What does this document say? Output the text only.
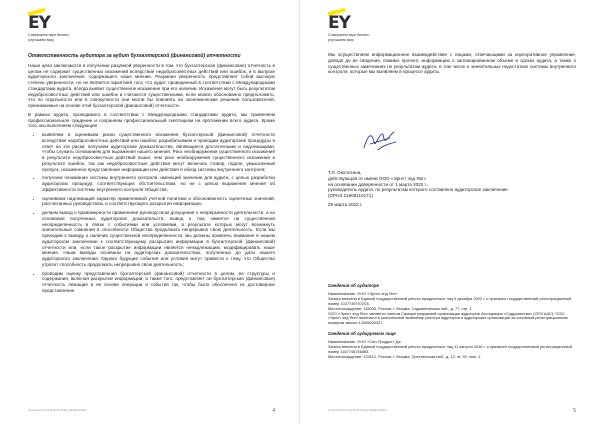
EY
Совершенствуя бизнес,
улучшаем мир
Ответственность аудитора за аудит бухгалтерской (финансовой) отчетности

Наши цели заключаются в получении разумной уверенности в том, что бухгалтерская (финансовая) отчетность в целом не содержит существенных искажений вследствие недобросовестных действий или ошибок, и в выпуске аудиторского заключения, содержащего наше мнение. Разумная уверенность представляет собой высокую степень уверенности, но не является гарантией того, что аудит, проведенный в соответствии с Международными стандартами аудита, всегда выявит существенное искажение при его наличии. Искажения могут быть результатом недобросовестных действий или ошибок и считаются существенными, если можно обоснованно предположить, что по отдельности или в совокупности они могли бы повлиять на экономические решения пользователей, принимаемые на основе этой бухгалтерской (финансовой) отчетности.

В рамках аудита, проводимого в соответствии с Международными стандартами аудита, мы применяем профессиональное суждение и сохраняем профессиональный скептицизм на протяжении всего аудита. Кроме того, мы выполняем следующее:

• выявляем и оцениваем риски существенного искажения бухгалтерской (финансовой) отчетности вследствие недобросовестных действий или ошибок; разрабатываем и проводим аудиторские процедуры в ответ на эти риски; получаем аудиторские доказательства, являющиеся достаточными и надлежащими, чтобы служить основанием для выражения нашего мнения. Риск необнаружения существенного искажения в результате недобросовестных действий выше, чем риск необнаружения существенного искажения в результате ошибок, так как недобросовестные действия могут включать сговор, подлог, умышленный пропуск, искаженное представление информации или действия в обход системы внутреннего контроля;
• получаем понимание системы внутреннего контроля, имеющей значение для аудита, с целью разработки аудиторских процедур, соответствующих обстоятельствам, но не с целью выражения мнения об эффективности системы внутреннего контроля Общества;
• оцениваем надлежащий характер применяемой учетной политики и обоснованность оценочных значений, рассчитанных руководством, и соответствующего раскрытия информации;
• делаем вывод о правомерности применения руководством допущения о непрерывности деятельности, а на основании полученных аудиторских доказательств, вывод о том, имеется ли существенная неопределенность в связи с событиями или условиями, в результате которых могут возникнуть значительные сомнения в способности Общества продолжать непрерывно свою деятельность. Если мы приходим к выводу о наличии существенной неопределенности, мы должны привлечь внимание в нашем аудиторском заключении к соответствующему раскрытию информации в бухгалтерской (финансовой) отчетности или, если такое раскрытие информации является ненадлежащим, модифицировать наше мнение. Наши выводы основаны на аудиторских доказательствах, полученных до даты нашего аудиторского заключения. Однако будущие события или условия могут привести к тому, что Общество утратит способность продолжать непрерывно свою деятельность;
• проводим оценку представления бухгалтерской (финансовой) отчетности в целом, ее структуры и содержания, включая раскрытие информации, а также того, представляет ли бухгалтерская (финансовая) отчетность лежащие в ее основе операции и события так, чтобы было обеспечено их достоверное представление.
A member firm of Ernst & Young Global Limited	4
EY
Совершенствуя бизнес,
улучшаем мир

Мы осуществляем информационное взаимодействие с лицами, отвечающими за корпоративное управление, доводя до их сведения, помимо прочего, информацию о запланированном объеме и сроках аудита, а также о существенных замечаниях по результатам аудита, в том числе о значительных недостатках системы внутреннего контроля, которые мы выявляем в процессе аудита.

Т.Л. Околотина,
действующая от имени ООО «Эрнст энд Янг»
на основании доверенности от 1 марта 2022 г.,
руководитель аудита, по результатам которого составлено аудиторское заключение
(ОРНЗ 21906110171)
29 марта 2022 г.
Сведения об аудиторе

Наименование: ООО «Эрнст энд Янг»

Запись внесена в Единый государственный реестр юридических лиц 5 декабря 2002 г. и присвоен государственный регистрационный номер 1027739707203.

Местонахождение: 115035, Россия, г. Москва, Садовническая наб., д. 77, стр. 1.

ООО «Эрнст энд Янг» является членом Саморегулируемой организации аудиторов Ассоциации «Содружество» (СРО ААС). ООО «Эрнст энд Янг» включено в контрольный экземпляр реестра аудиторов и аудиторских организаций за основным регистрационным номером записи 12006020327.

Сведения об аудируемом лице

Наименование: ООО «Сан Продукт» Да

Запись внесена в Единый государственный реестр юридических лиц 11 августа 2016 г. и присвоен государственный регистрационный номер 1167746756855.

Местонахождение: 123112, Россия, г. Москва, Пресненская наб., д. 12, эт. 39, пом. 1.

A member firm of Ernst & Young Global Limited	5
